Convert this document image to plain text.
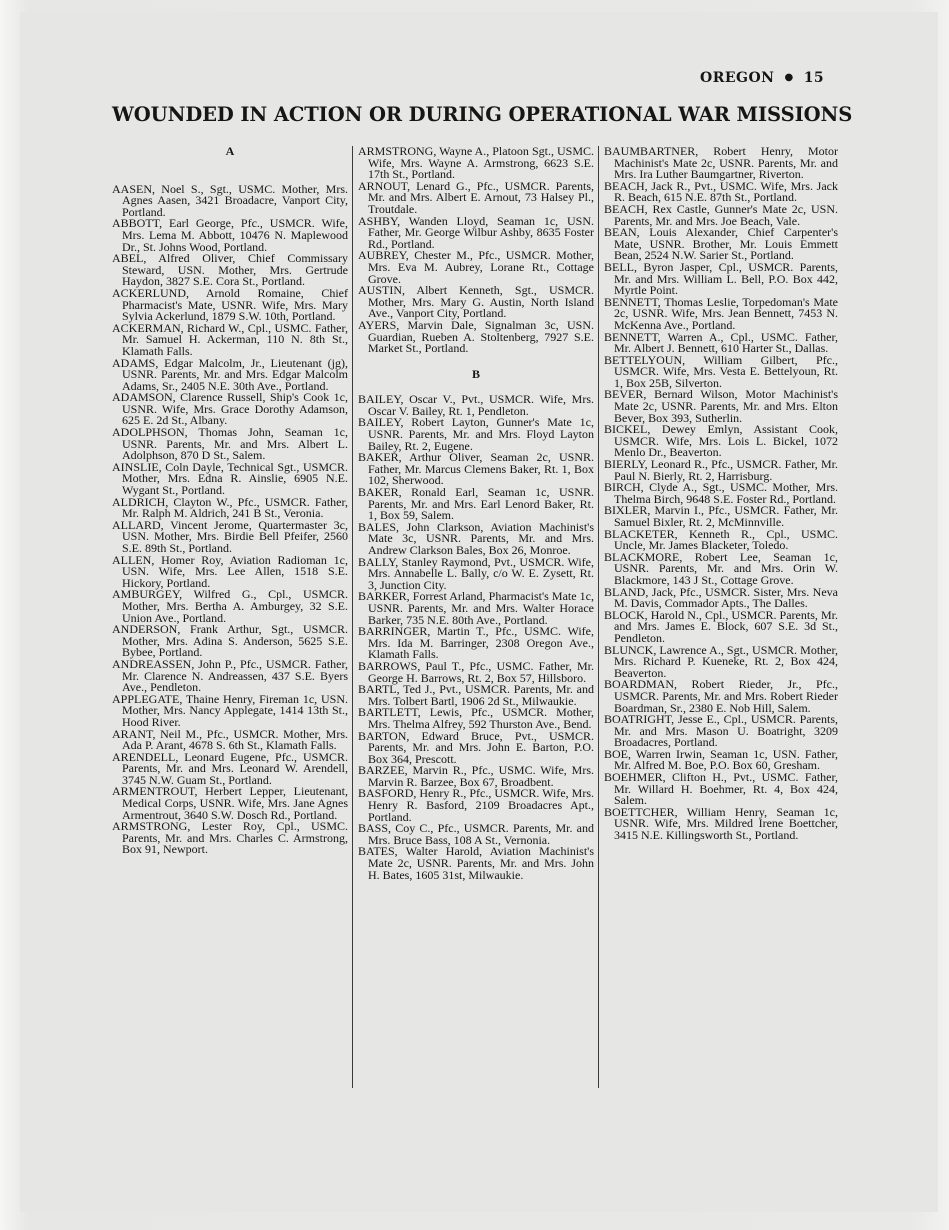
OREGON ● 15
WOUNDED IN ACTION OR DURING OPERATIONAL WAR MISSIONS
A

AASEN, Noel S., Sgt., USMC. Mother, Mrs. Agnes Aasen, 3421 Broadacre, Vanport City, Portland.

ABBOTT, Earl George, Pfc., USMCR. Wife, Mrs. Lema M. Abbott, 10476 N. Maplewood Dr., St. Johns Wood, Portland.

ABEL, Alfred Oliver, Chief Commissary Steward, USN. Mother, Mrs. Gertrude Haydon, 3827 S.E. Cora St., Portland.

ACKERLUND, Arnold Romaine, Chief Pharmacist's Mate, USNR. Wife, Mrs. Mary Sylvia Ackerlund, 1879 S.W. 10th, Portland.

ACKERMAN, Richard W., Cpl., USMC. Father, Mr. Samuel H. Ackerman, 110 N. 8th St., Klamath Falls.

ADAMS, Edgar Malcolm, Jr., Lieutenant (jg), USNR. Parents, Mr. and Mrs. Edgar Malcolm Adams, Sr., 2405 N.E. 30th Ave., Portland.

ADAMSON, Clarence Russell, Ship's Cook 1c, USNR. Wife, Mrs. Grace Dorothy Adamson, 625 E. 2d St., Albany.

ADOLPHSON, Thomas John, Seaman 1c, USNR. Parents, Mr. and Mrs. Albert L. Adolphson, 870 D St., Salem.

AINSLIE, Coln Dayle, Technical Sgt., USMCR. Mother, Mrs. Edna R. Ainslie, 6905 N.E. Wygant St., Portland.

ALDRICH, Clayton W., Pfc., USMCR. Father, Mr. Ralph M. Aldrich, 241 B St., Veronia.

ALLARD, Vincent Jerome, Quartermaster 3c, USN. Mother, Mrs. Birdie Bell Pfeifer, 2560 S.E. 89th St., Portland.

ALLEN, Homer Roy, Aviation Radioman 1c, USN. Wife, Mrs. Lee Allen, 1518 S.E. Hickory, Portland.

AMBURGEY, Wilfred G., Cpl., USMCR. Mother, Mrs. Bertha A. Amburgey, 32 S.E. Union Ave., Portland.

ANDERSON, Frank Arthur, Sgt., USMCR. Mother, Mrs. Adina S. Anderson, 5625 S.E. Bybee, Portland.

ANDREASSEN, John P., Pfc., USMCR. Father, Mr. Clarence N. Andreassen, 437 S.E. Byers Ave., Pendleton.

APPLEGATE, Thaine Henry, Fireman 1c, USN. Mother, Mrs. Nancy Applegate, 1414 13th St., Hood River.

ARANT, Neil M., Pfc., USMCR. Mother, Mrs. Ada P. Arant, 4678 S. 6th St., Klamath Falls.

ARENDELL, Leonard Eugene, Pfc., USMCR. Parents, Mr. and Mrs. Leonard W. Arendell, 3745 N.W. Guam St., Portland.

ARMENTROUT, Herbert Lepper, Lieutenant, Medical Corps, USNR. Wife, Mrs. Jane Agnes Armentrout, 3640 S.W. Dosch Rd., Portland.

ARMSTRONG, Lester Roy, Cpl., USMC. Parents, Mr. and Mrs. Charles C. Armstrong, Box 91, Newport.

ARMSTRONG, Wayne A., Platoon Sgt., USMC. Wife, Mrs. Wayne A. Armstrong, 6623 S.E. 17th St., Portland.

ARNOUT, Lenard G., Pfc., USMCR. Parents, Mr. and Mrs. Albert E. Arnout, 73 Halsey Pl., Troutdale.

ASHBY, Wanden Lloyd, Seaman 1c, USN. Father, Mr. George Wilbur Ashby, 8635 Foster Rd., Portland.

AUBREY, Chester M., Pfc., USMCR. Mother, Mrs. Eva M. Aubrey, Lorane Rt., Cottage Grove.

AUSTIN, Albert Kenneth, Sgt., USMCR. Mother, Mrs. Mary G. Austin, North Island Ave., Vanport City, Portland.

AYERS, Marvin Dale, Signalman 3c, USN. Guardian, Rueben A. Stoltenberg, 7927 S.E. Market St., Portland.

B

BAILEY, Oscar V., Pvt., USMCR. Wife, Mrs. Oscar V. Bailey, Rt. 1, Pendleton.

BAILEY, Robert Layton, Gunner's Mate 1c, USNR. Parents, Mr. and Mrs. Floyd Layton Bailey, Rt. 2, Eugene.

BAKER, Arthur Oliver, Seaman 2c, USNR. Father, Mr. Marcus Clemens Baker, Rt. 1, Box 102, Sherwood.

BAKER, Ronald Earl, Seaman 1c, USNR. Parents, Mr. and Mrs. Earl Lenord Baker, Rt. 1, Box 59, Salem.

BALES, John Clarkson, Aviation Machinist's Mate 3c, USNR. Parents, Mr. and Mrs. Andrew Clarkson Bales, Box 26, Monroe.

BALLY, Stanley Raymond, Pvt., USMCR. Wife, Mrs. Annabelle L. Bally, c/o W. E. Zysett, Rt. 3, Junction City.

BARKER, Forrest Arland, Pharmacist's Mate 1c, USNR. Parents, Mr. and Mrs. Walter Horace Barker, 735 N.E. 80th Ave., Portland.

BARRINGER, Martin T., Pfc., USMC. Wife, Mrs. Ida M. Barringer, 2308 Oregon Ave., Klamath Falls.

BARROWS, Paul T., Pfc., USMC. Father, Mr. George H. Barrows, Rt. 2, Box 57, Hillsboro.

BARTL, Ted J., Pvt., USMCR. Parents, Mr. and Mrs. Tolbert Bartl, 1906 2d St., Milwaukie.

BARTLETT, Lewis, Pfc., USMCR. Mother, Mrs. Thelma Alfrey, 592 Thurston Ave., Bend.

BARTON, Edward Bruce, Pvt., USMCR. Parents, Mr. and Mrs. John E. Barton, P.O. Box 364, Prescott.

BARZEE, Marvin R., Pfc., USMC. Wife, Mrs. Marvin R. Barzee, Box 67, Broadbent.

BASFORD, Henry R., Pfc., USMCR. Wife, Mrs. Henry R. Basford, 2109 Broadacres Apt., Portland.

BASS, Coy C., Pfc., USMCR. Parents, Mr. and Mrs. Bruce Bass, 108 A St., Vernonia.

BATES, Walter Harold, Aviation Machinist's Mate 2c, USNR. Parents, Mr. and Mrs. John H. Bates, 1605 31st, Milwaukie.

BAUMBARTNER, Robert Henry, Motor Machinist's Mate 2c, USNR. Parents, Mr. and Mrs. Ira Luther Baumgartner, Riverton.

BEACH, Jack R., Pvt., USMC. Wife, Mrs. Jack R. Beach, 615 N.E. 87th St., Portland.

BEACH, Rex Castle, Gunner's Mate 2c, USN. Parents, Mr. and Mrs. Joe Beach, Vale.

BEAN, Louis Alexander, Chief Carpenter's Mate, USNR. Brother, Mr. Louis Emmett Bean, 2524 N.W. Sarier St., Portland.

BELL, Byron Jasper, Cpl., USMCR. Parents, Mr. and Mrs. William L. Bell, P.O. Box 442, Myrtle Point.

BENNETT, Thomas Leslie, Torpedoman's Mate 2c, USNR. Wife, Mrs. Jean Bennett, 7453 N. McKenna Ave., Portland.

BENNETT, Warren A., Cpl., USMC. Father, Mr. Albert J. Bennett, 610 Harter St., Dallas.

BETTELYOUN, William Gilbert, Pfc., USMCR. Wife, Mrs. Vesta E. Bettelyoun, Rt. 1, Box 25B, Silverton.

BEVER, Bernard Wilson, Motor Machinist's Mate 2c, USNR. Parents, Mr. and Mrs. Elton Bever, Box 393, Sutherlin.

BICKEL, Dewey Emlyn, Assistant Cook, USMCR. Wife, Mrs. Lois L. Bickel, 1072 Menlo Dr., Beaverton.

BIERLY, Leonard R., Pfc., USMCR. Father, Mr. Paul N. Bierly, Rt. 2, Harrisburg.

BIRCH, Clyde A., Sgt., USMC. Mother, Mrs. Thelma Birch, 9648 S.E. Foster Rd., Portland.

BIXLER, Marvin I., Pfc., USMCR. Father, Mr. Samuel Bixler, Rt. 2, McMinnville.

BLACKETER, Kenneth R., Cpl., USMC. Uncle, Mr. James Blacketer, Toledo.

BLACKMORE, Robert Lee, Seaman 1c, USNR. Parents, Mr. and Mrs. Orin W. Blackmore, 143 J St., Cottage Grove.

BLAND, Jack, Pfc., USMCR. Sister, Mrs. Neva M. Davis, Commador Apts., The Dalles.

BLOCK, Harold N., Cpl., USMCR. Parents, Mr. and Mrs. James E. Block, 607 S.E. 3d St., Pendleton.

BLUNCK, Lawrence A., Sgt., USMCR. Mother, Mrs. Richard P. Kueneke, Rt. 2, Box 424, Beaverton.

BOARDMAN, Robert Rieder, Jr., Pfc., USMCR. Parents, Mr. and Mrs. Robert Rieder Boardman, Sr., 2380 E. Nob Hill, Salem.

BOATRIGHT, Jesse E., Cpl., USMCR. Parents, Mr. and Mrs. Mason U. Boatright, 3209 Broadacres, Portland.

BOE, Warren Irwin, Seaman 1c, USN. Father, Mr. Alfred M. Boe, P.O. Box 60, Gresham.

BOEHMER, Clifton H., Pvt., USMC. Father, Mr. Willard H. Boehmer, Rt. 4, Box 424, Salem.

BOETTCHER, William Henry, Seaman 1c, USNR. Wife, Mrs. Mildred Irene Boettcher, 3415 N.E. Killingsworth St., Portland.
